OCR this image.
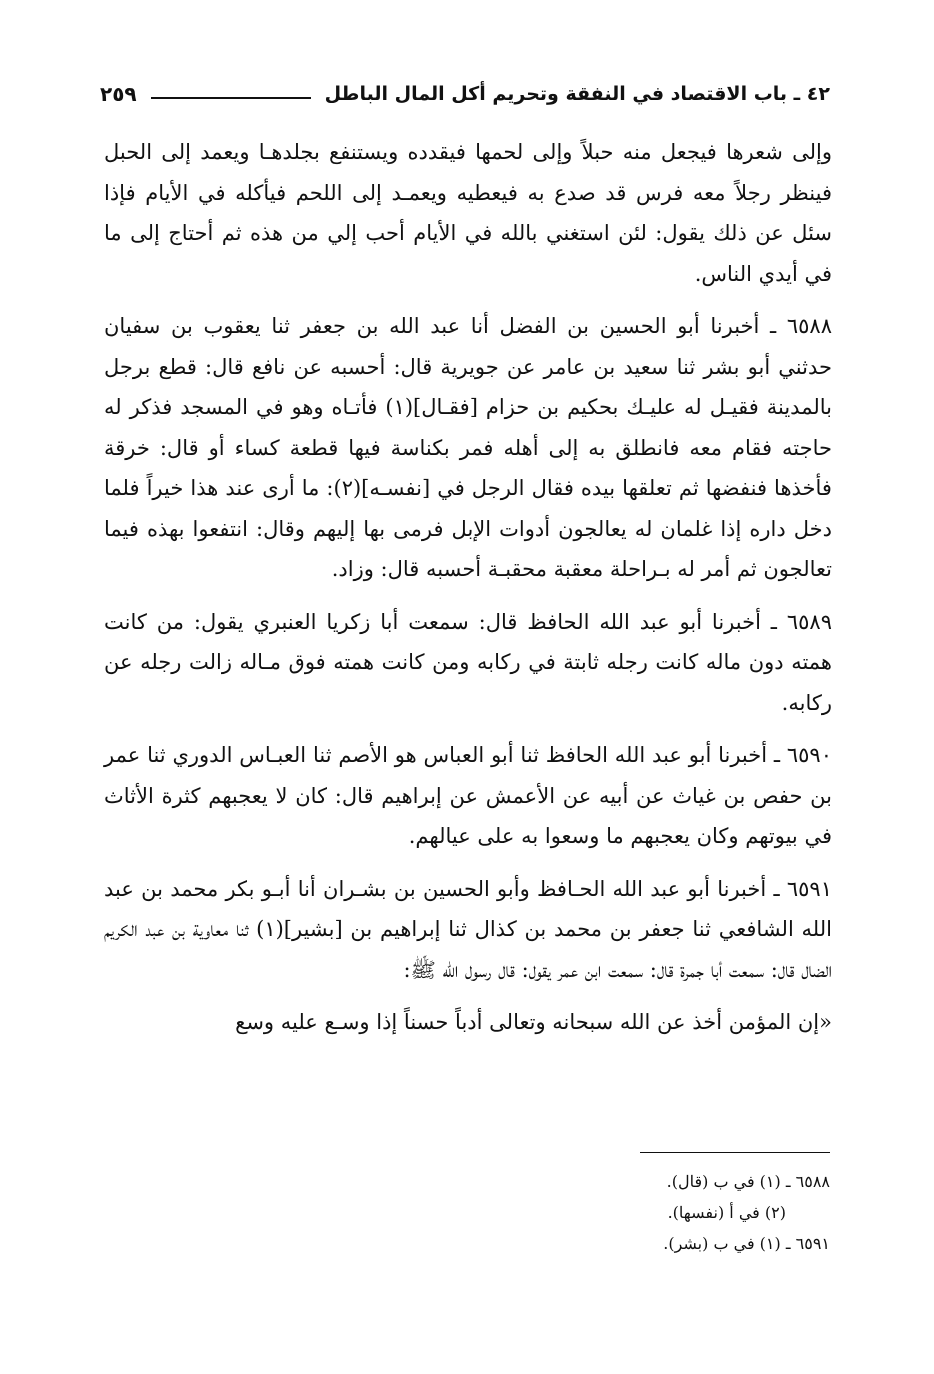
٤٢ ـ باب الاقتصاد في النفقة وتحريم أكل المال الباطل
٢٥٩

وإلى شعرها فيجعل منه حبلاً وإلى لحمها فيقدده ويستنفع بجلدهـا ويعمد إلى الحبل فينظر رجلاً معه فرس قد صدع به فيعطيه ويعمـد إلى اللحم فيأكله في الأيام فإذا سئل عن ذلك يقول: لئن استغني بالله في الأيام أحب إلي من هذه ثم أحتاج إلى ما في أيدي الناس.

٦٥٨٨ ـ أخبرنا أبو الحسين بن الفضل أنا عبد الله بن جعفر ثنا يعقوب بن سفيان حدثني أبو بشر ثنا سعيد بن عامر عن جويرية قال: أحسبه عن نافع قال: قطع برجل بالمدينة فقيـل له عليـك بحكيم بن حزام [فقـال](١) فأتـاه وهو في المسجد فذكر له حاجته فقام معه فانطلق به إلى أهله فمر بكناسة فيها قطعة كساء أو قال: خرقة فأخذها فنفضها ثم تعلقها بيده فقال الرجل في [نفسـه](٢): ما أرى عند هذا خيراً فلما دخل داره إذا غلمان له يعالجون أدوات الإبل فرمى بها إليهم وقال: انتفعوا بهذه فيما تعالجون ثم أمر له بـراحلة معقبة محقبـة أحسبه قال: وزاد.

٦٥٨٩ ـ أخبرنا أبو عبد الله الحافظ قال: سمعت أبا زكريا العنبري يقول: من كانت همته دون ماله كانت رجله ثابتة في ركابه ومن كانت همته فوق مـاله زالت رجله عن ركابه.

٦٥٩٠ ـ أخبرنا أبو عبد الله الحافظ ثنا أبو العباس هو الأصم ثنا العبـاس الدوري ثنا عمر بن حفص بن غياث عن أبيه عن الأعمش عن إبراهيم قال: كان لا يعجبهم كثرة الأثاث في بيوتهم وكان يعجبهم ما وسعوا به على عيالهم.

٦٥٩١ ـ أخبرنا أبو عبد الله الحـافظ وأبو الحسين بن بشـران أنا أبـو بكر محمد بن عبد الله الشافعي ثنا جعفر بن محمد بن كذال ثنا إبراهيم بن [بشير](١) ثنا معاوية بن عبد الكريم الضال قال: سمعت أبا جمرة قال: سمعت ابن عمر يقول: قال رسول الله ﷺ:

«إن المؤمن أخذ عن الله سبحانه وتعالى أدباً حسناً إذا وسـع عليه وسع

٦٥٨٨ ـ (١) في ب (قال).
(٢) في أ (نفسها).
٦٥٩١ ـ (١) في ب (بشر).
